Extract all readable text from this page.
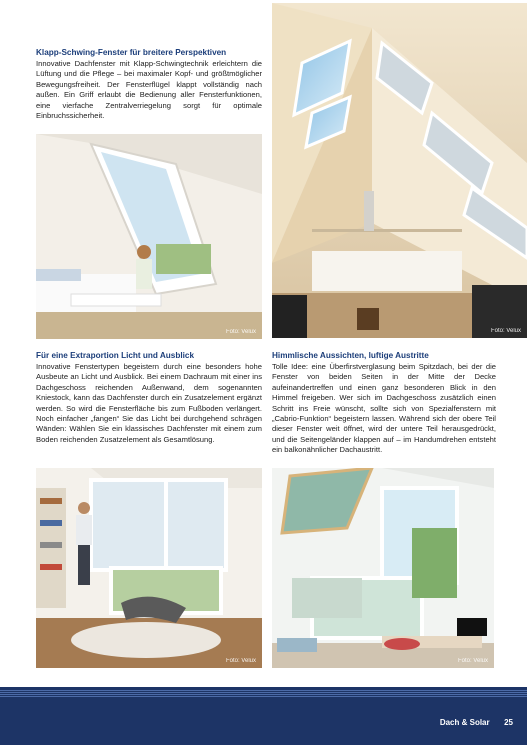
Klapp-Schwing-Fenster für breitere Perspektiven
Innovative Dachfenster mit Klapp-Schwingtechnik erleichtern die Lüftung und die Pflege – bei maximaler Kopf- und größtmöglicher Bewegungsfreiheit. Der Fensterflügel klappt vollständig nach außen. Ein Griff erlaubt die Bedienung aller Fensterfunktionen, eine vierfache Zentralverriegelung sorgt für optimale Einbruchssicherheit.
Foto: Velux
Foto: Velux
Für eine Extraportion Licht und Ausblick
Innovative Fenstertypen begeistern durch eine besonders hohe Ausbeute an Licht und Ausblick. Bei einem Dachraum mit einer ins Dachgeschoss reichenden Außenwand, dem sogenannten Kniestock, kann das Dachfenster durch ein Zusatzelement ergänzt werden. So wird die Fensterfläche bis zum Fußboden verlängert. Noch einfacher „fangen“ Sie das Licht bei durchgehend schrägen Wänden: Wählen Sie ein klassisches Dachfenster mit einem zum Boden reichenden Zusatzelement als Gesamtlösung.
Himmlische Aussichten, luftige Austritte
Tolle Idee: eine Überfirstverglasung beim Spitzdach, bei der die Fenster von beiden Seiten in der Mitte der Decke aufeinandertreffen und einen ganz besonderen Blick in den Himmel freigeben. Wer sich im Dachgeschoss zusätzlich einen Schritt ins Freie wünscht, sollte sich von Spezialfenstern mit „Cabrio-Funktion“ begeistern lassen. Während sich der obere Teil dieser Fenster weit öffnet, wird der untere Teil herausgedrückt, und die Seitengeländer klappen auf – im Handumdrehen entsteht ein balkonähnlicher Dachaustritt.
Foto: Velux	Foto: Velux
Dach & Solar 25
